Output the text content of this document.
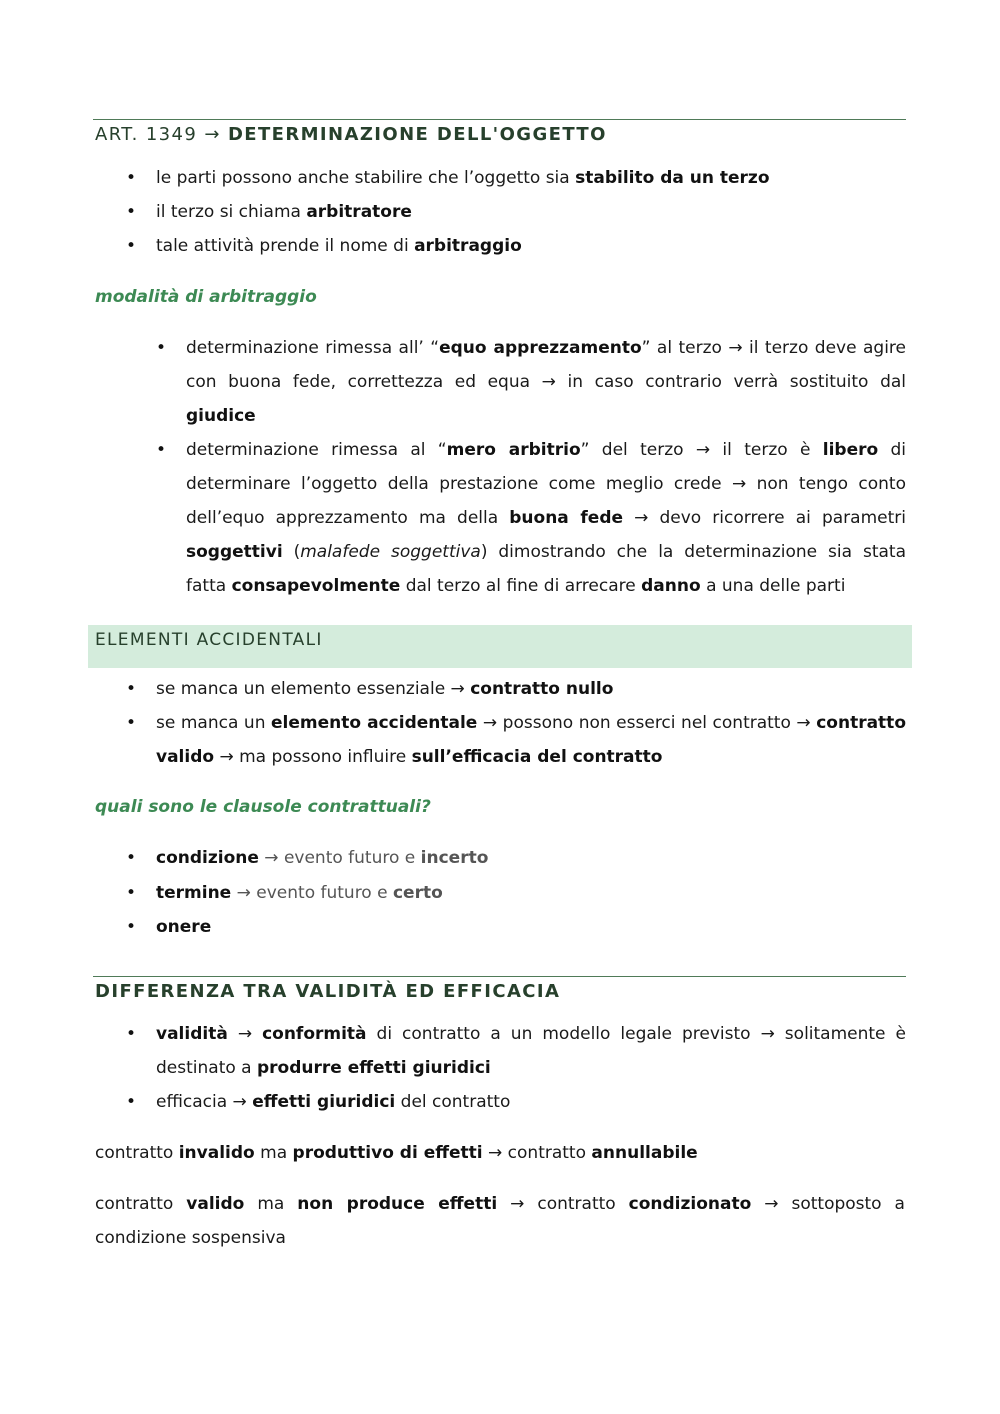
ART. 1349 → DETERMINAZIONE DELL'OGGETTO
• le parti possono anche stabilire che l’oggetto sia stabilito da un terzo
• il terzo si chiama arbitratore
• tale attività prende il nome di arbitraggio
modalità di arbitraggio
• determinazione rimessa all’ “equo apprezzamento” al terzo → il terzo deve agire con buona fede, correttezza ed equa → in caso contrario verrà sostituito dal giudice
• determinazione rimessa al “mero arbitrio” del terzo → il terzo è libero di determinare l’oggetto della prestazione come meglio crede → non tengo conto dell’equo apprezzamento ma della buona fede → devo ricorrere ai parametri soggettivi (malafede soggettiva) dimostrando che la determinazione sia stata fatta consapevolmente dal terzo al fine di arrecare danno a una delle parti
ELEMENTI ACCIDENTALI
• se manca un elemento essenziale → contratto nullo
• se manca un elemento accidentale → possono non esserci nel contratto → contratto valido → ma possono influire sull’efficacia del contratto
quali sono le clausole contrattuali?
• condizione → evento futuro e incerto
• termine → evento futuro e certo
• onere
DIFFERENZA TRA VALIDITÀ ED EFFICACIA
• validità → conformità di contratto a un modello legale previsto → solitamente è destinato a produrre effetti giuridici
• efficacia → effetti giuridici del contratto
contratto invalido ma produttivo di effetti → contratto annullabile
contratto valido ma non produce effetti → contratto condizionato → sottoposto a condizione sospensiva
